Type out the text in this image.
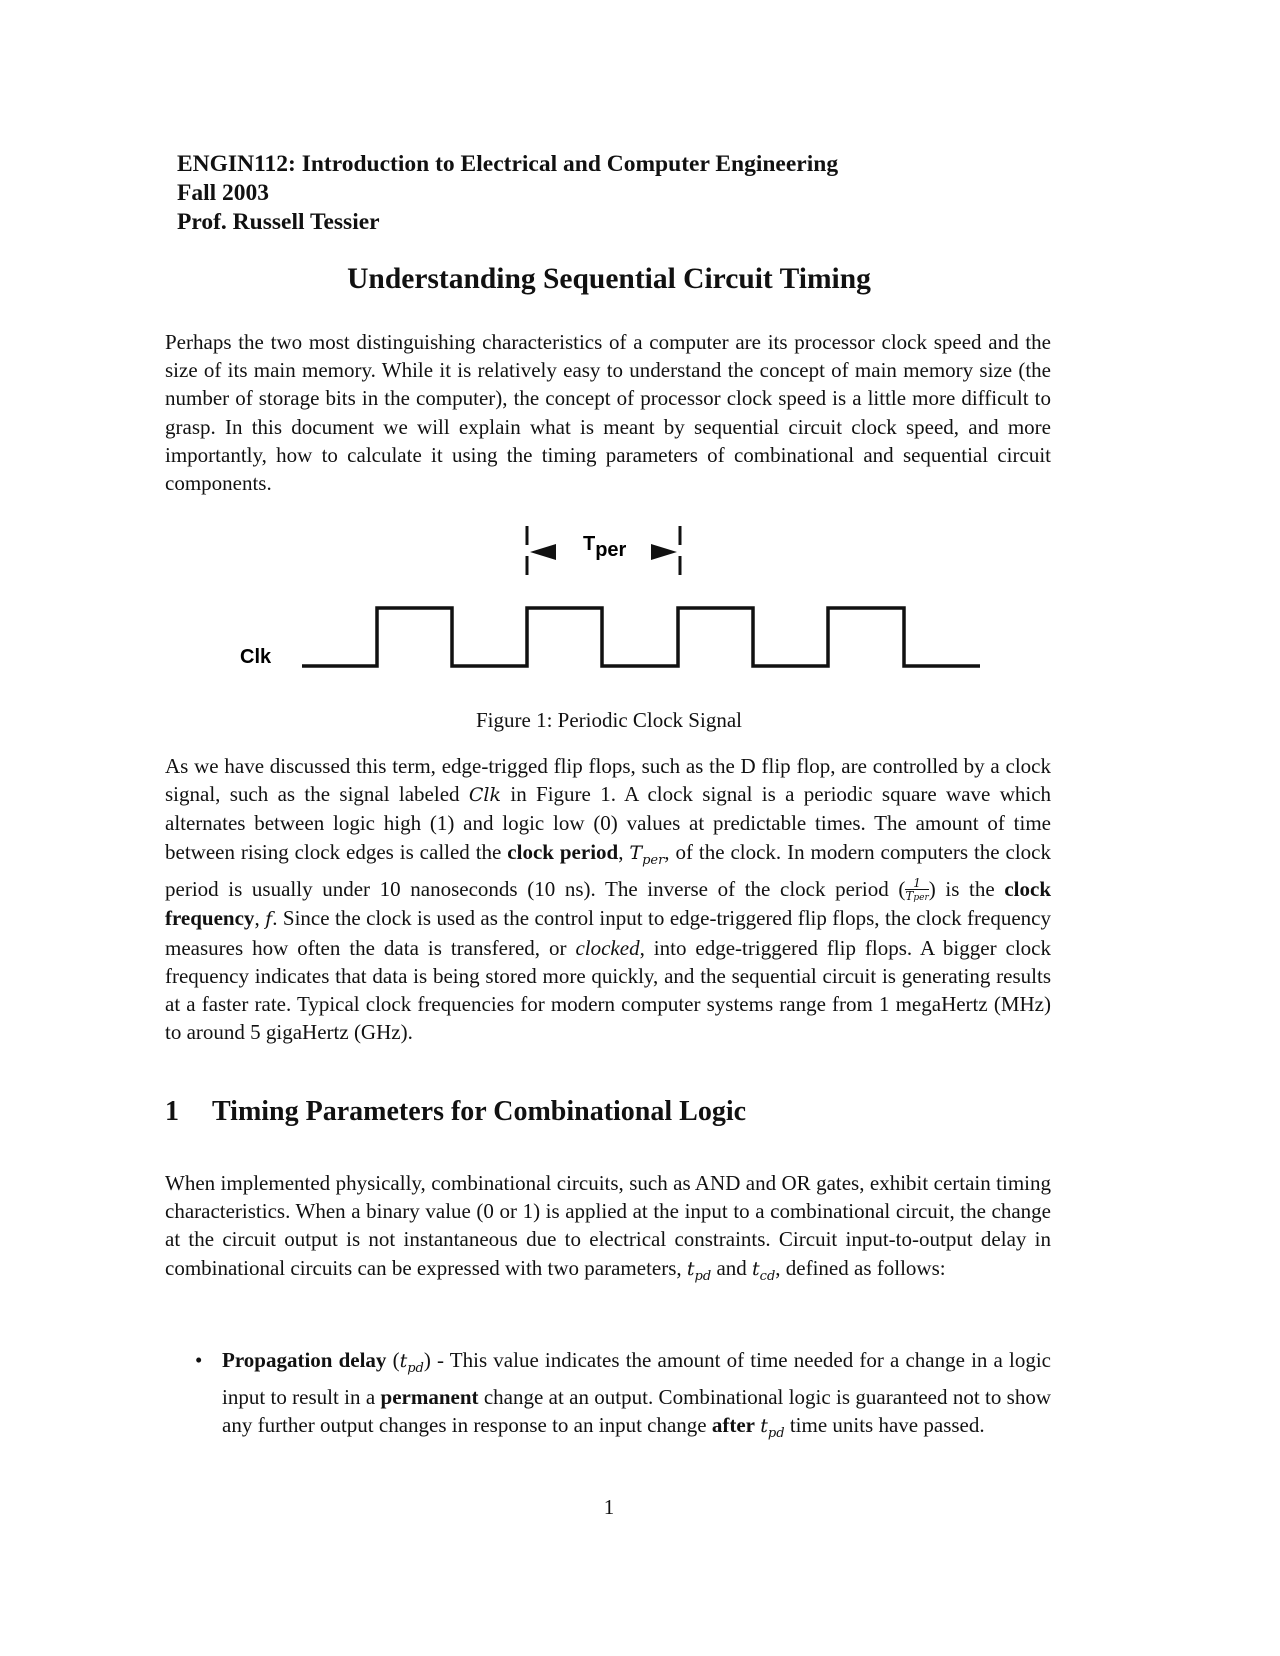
ENGIN112: Introduction to Electrical and Computer Engineering
Fall 2003
Prof. Russell Tessier
Understanding Sequential Circuit Timing

Perhaps the two most distinguishing characteristics of a computer are its processor clock speed and the size of its main memory. While it is relatively easy to understand the concept of main memory size (the number of storage bits in the computer), the concept of processor clock speed is a little more difficult to grasp. In this document we will explain what is meant by sequential circuit clock speed, and more importantly, how to calculate it using the timing parameters of combinational and sequential circuit components.

Tper
Clk
Figure 1: Periodic Clock Signal

As we have discussed this term, edge-trigged flip flops, such as the D flip flop, are controlled by a clock signal, such as the signal labeled Clk in Figure 1. A clock signal is a periodic square wave which alternates between logic high (1) and logic low (0) values at predictable times. The amount of time between rising clock edges is called the clock period, $T_{per}$, of the clock. In modern computers the clock period is usually under 10 nanoseconds (10 ns). The inverse of the clock period ( $\frac{1}{\text{Tper}}$ ) is the clock frequency, f. Since the clock is used as the control input to edge-triggered flip flops, the clock frequency measures how often the data is transfered, or clocked, into edge-triggered flip flops. A bigger clock frequency indicates that data is being stored more quickly, and the sequential circuit is generating results at a faster rate. Typical clock frequencies for modern computer systems range from 1 megaHertz (MHz) to around 5 gigaHertz (GHz).

1 Timing Parameters for Combinational Logic

When implemented physically, combinational circuits, such as AND and OR gates, exhibit certain timing characteristics. When a binary value (0 or 1) is applied at the input to a combinational circuit, the change at the circuit output is not instantaneous due to electrical constraints. Circuit input-to-output delay in combinational circuits can be expressed with two parameters, $t_{pd}$ and $t_{cd}$, defined as follows:

• Propagation delay $(t_{pd})$ - This value indicates the amount of time needed for a change in a logic input to result in a permanent change at an output. Combinational logic is guaranteed not to show any further output changes in response to an input change after $t_{pd}$ time units have passed.
1
